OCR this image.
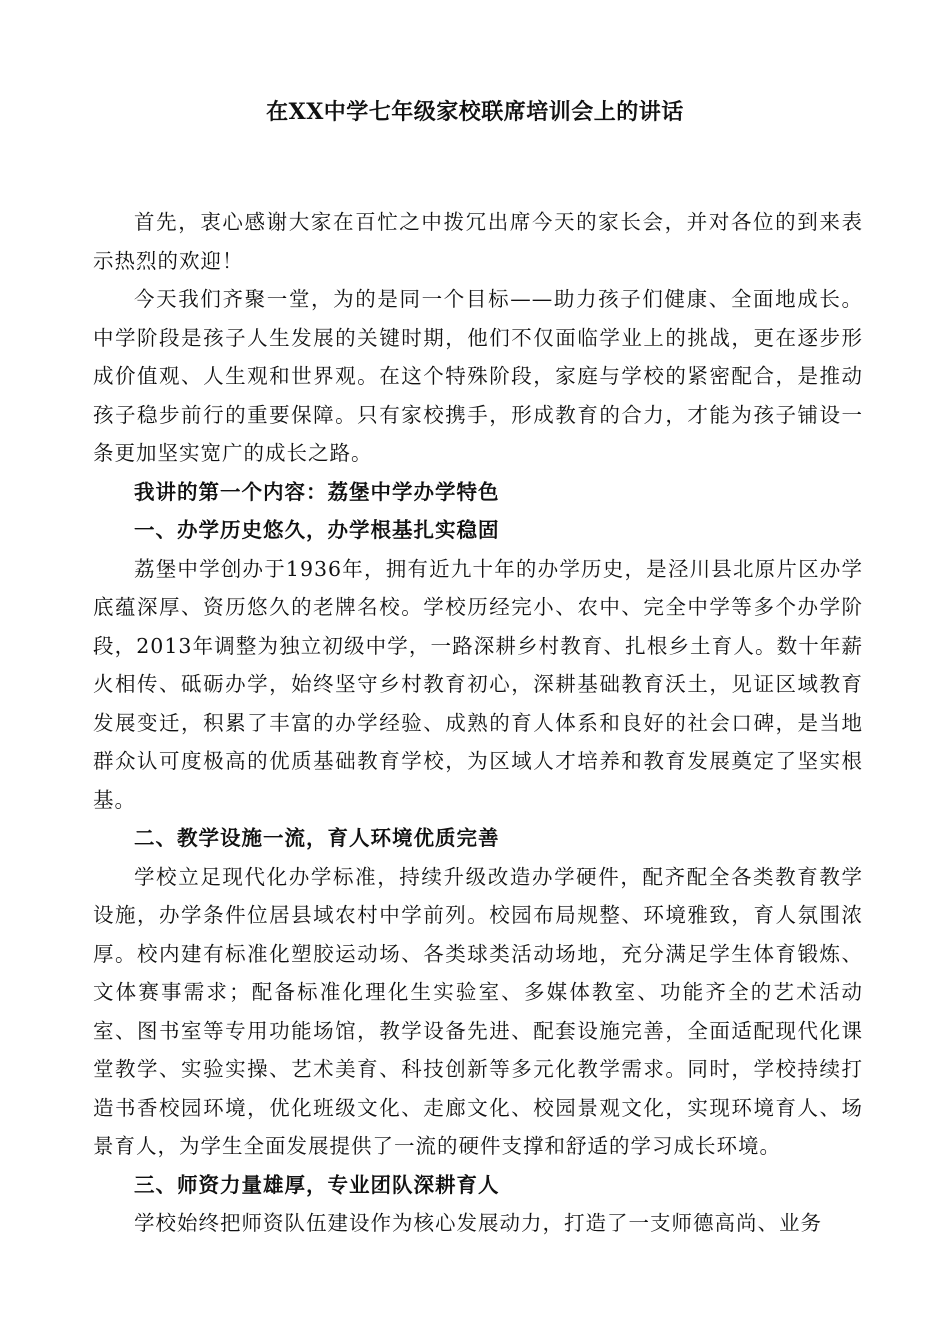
在XX中学七年级家校联席培训会上的讲话

首先，衷心感谢大家在百忙之中拨冗出席今天的家长会，并对各位的到来表示热烈的欢迎！

今天我们齐聚一堂，为的是同一个目标——助力孩子们健康、全面地成长。中学阶段是孩子人生发展的关键时期，他们不仅面临学业上的挑战，更在逐步形成价值观、人生观和世界观。在这个特殊阶段，家庭与学校的紧密配合，是推动孩子稳步前行的重要保障。只有家校携手，形成教育的合力，才能为孩子铺设一条更加坚实宽广的成长之路。

我讲的第一个内容：荔堡中学办学特色

一、办学历史悠久，办学根基扎实稳固

荔堡中学创办于1936年，拥有近九十年的办学历史，是泾川县北原片区办学底蕴深厚、资历悠久的老牌名校。学校历经完小、农中、完全中学等多个办学阶段，2013年调整为独立初级中学，一路深耕乡村教育、扎根乡土育人。数十年薪火相传、砥砺办学，始终坚守乡村教育初心，深耕基础教育沃土，见证区域教育发展变迁，积累了丰富的办学经验、成熟的育人体系和良好的社会口碑，是当地群众认可度极高的优质基础教育学校，为区域人才培养和教育发展奠定了坚实根基。

二、教学设施一流，育人环境优质完善

学校立足现代化办学标准，持续升级改造办学硬件，配齐配全各类教育教学设施，办学条件位居县域农村中学前列。校园布局规整、环境雅致，育人氛围浓厚。校内建有标准化塑胶运动场、各类球类活动场地，充分满足学生体育锻炼、文体赛事需求；配备标准化理化生实验室、多媒体教室、功能齐全的艺术活动室、图书室等专用功能场馆，教学设备先进、配套设施完善，全面适配现代化课堂教学、实验实操、艺术美育、科技创新等多元化教学需求。同时，学校持续打造书香校园环境，优化班级文化、走廊文化、校园景观文化，实现环境育人、场景育人，为学生全面发展提供了一流的硬件支撑和舒适的学习成长环境。

三、师资力量雄厚，专业团队深耕育人

学校始终把师资队伍建设作为核心发展动力，打造了一支师德高尚、业务
